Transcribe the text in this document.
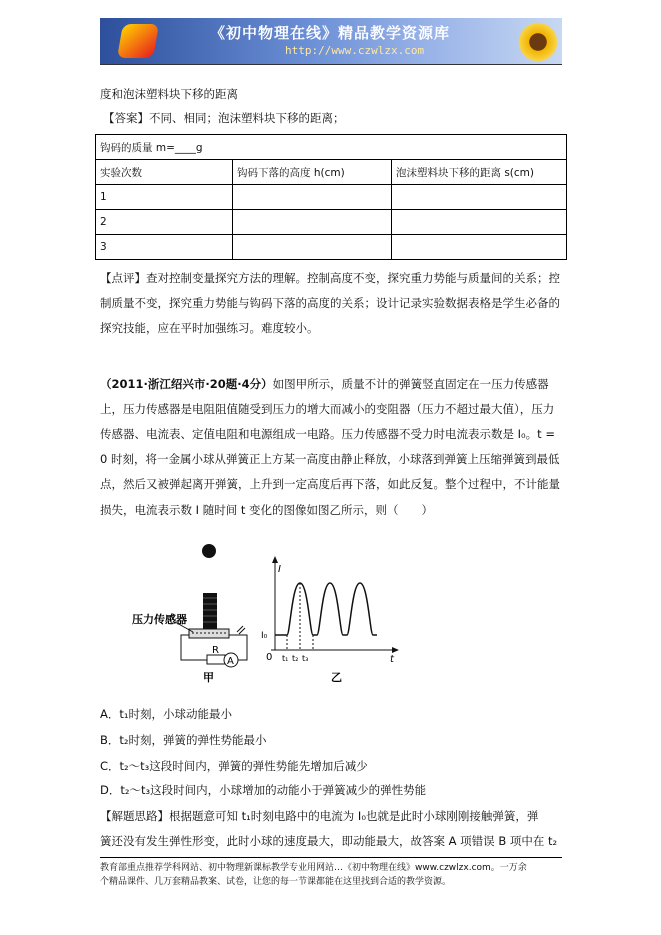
《初中物理在线》精品教学资源库
http://www.czwlzx.com
度和泡沫塑料块下移的距离
【答案】不同、相同；泡沫塑料块下移的距离；
钩码的质量 m=____g		
实验次数	钩码下落的高度 h(cm)	泡沫塑料块下移的距离 s(cm)
1		
2		
3		
【点评】查对控制变量探究方法的理解。控制高度不变，探究重力势能与质量间的关系；控
制质量不变，探究重力势能与钩码下落的高度的关系；设计记录实验数据表格是学生必备的
探究技能，应在平时加强练习。难度较小。
（2011·浙江绍兴市·20题·4分）如图甲所示，质量不计的弹簧竖直固定在一压力传感器
上，压力传感器是电阻阻值随受到压力的增大而减小的变阻器（压力不超过最大值），压力
传感器、电流表、定值电阻和电源组成一电路。压力传感器不受力时电流表示数是 I₀。t =
0 时刻，将一金属小球从弹簧正上方某一高度由静止释放，小球落到弹簧上压缩弹簧到最低
点，然后又被弹起离开弹簧，上升到一定高度后再下落，如此反复。整个过程中，不计能量
损失，电流表示数 I 随时间 t 变化的图像如图乙所示，则（　　）
压力传感器
R
A
甲
I
t
0
I₀
t₁ t₂ t₃
乙
A．t₁时刻，小球动能最小
B．t₂时刻，弹簧的弹性势能最小
C．t₂～t₃这段时间内，弹簧的弹性势能先增加后减少
D．t₂～t₃这段时间内，小球增加的动能小于弹簧减少的弹性势能
【解题思路】根据题意可知 t₁时刻电路中的电流为 I₀也就是此时小球刚刚接触弹簧，弹
簧还没有发生弹性形变，此时小球的速度最大，即动能最大，故答案 A 项错误 B 项中在 t₂
教育部重点推荐学科网站、初中物理新课标教学专业用网站…《初中物理在线》www.czwlzx.com。一万余
个精品课件、几万套精品教案、试卷，让您的每一节课都能在这里找到合适的教学资源。
